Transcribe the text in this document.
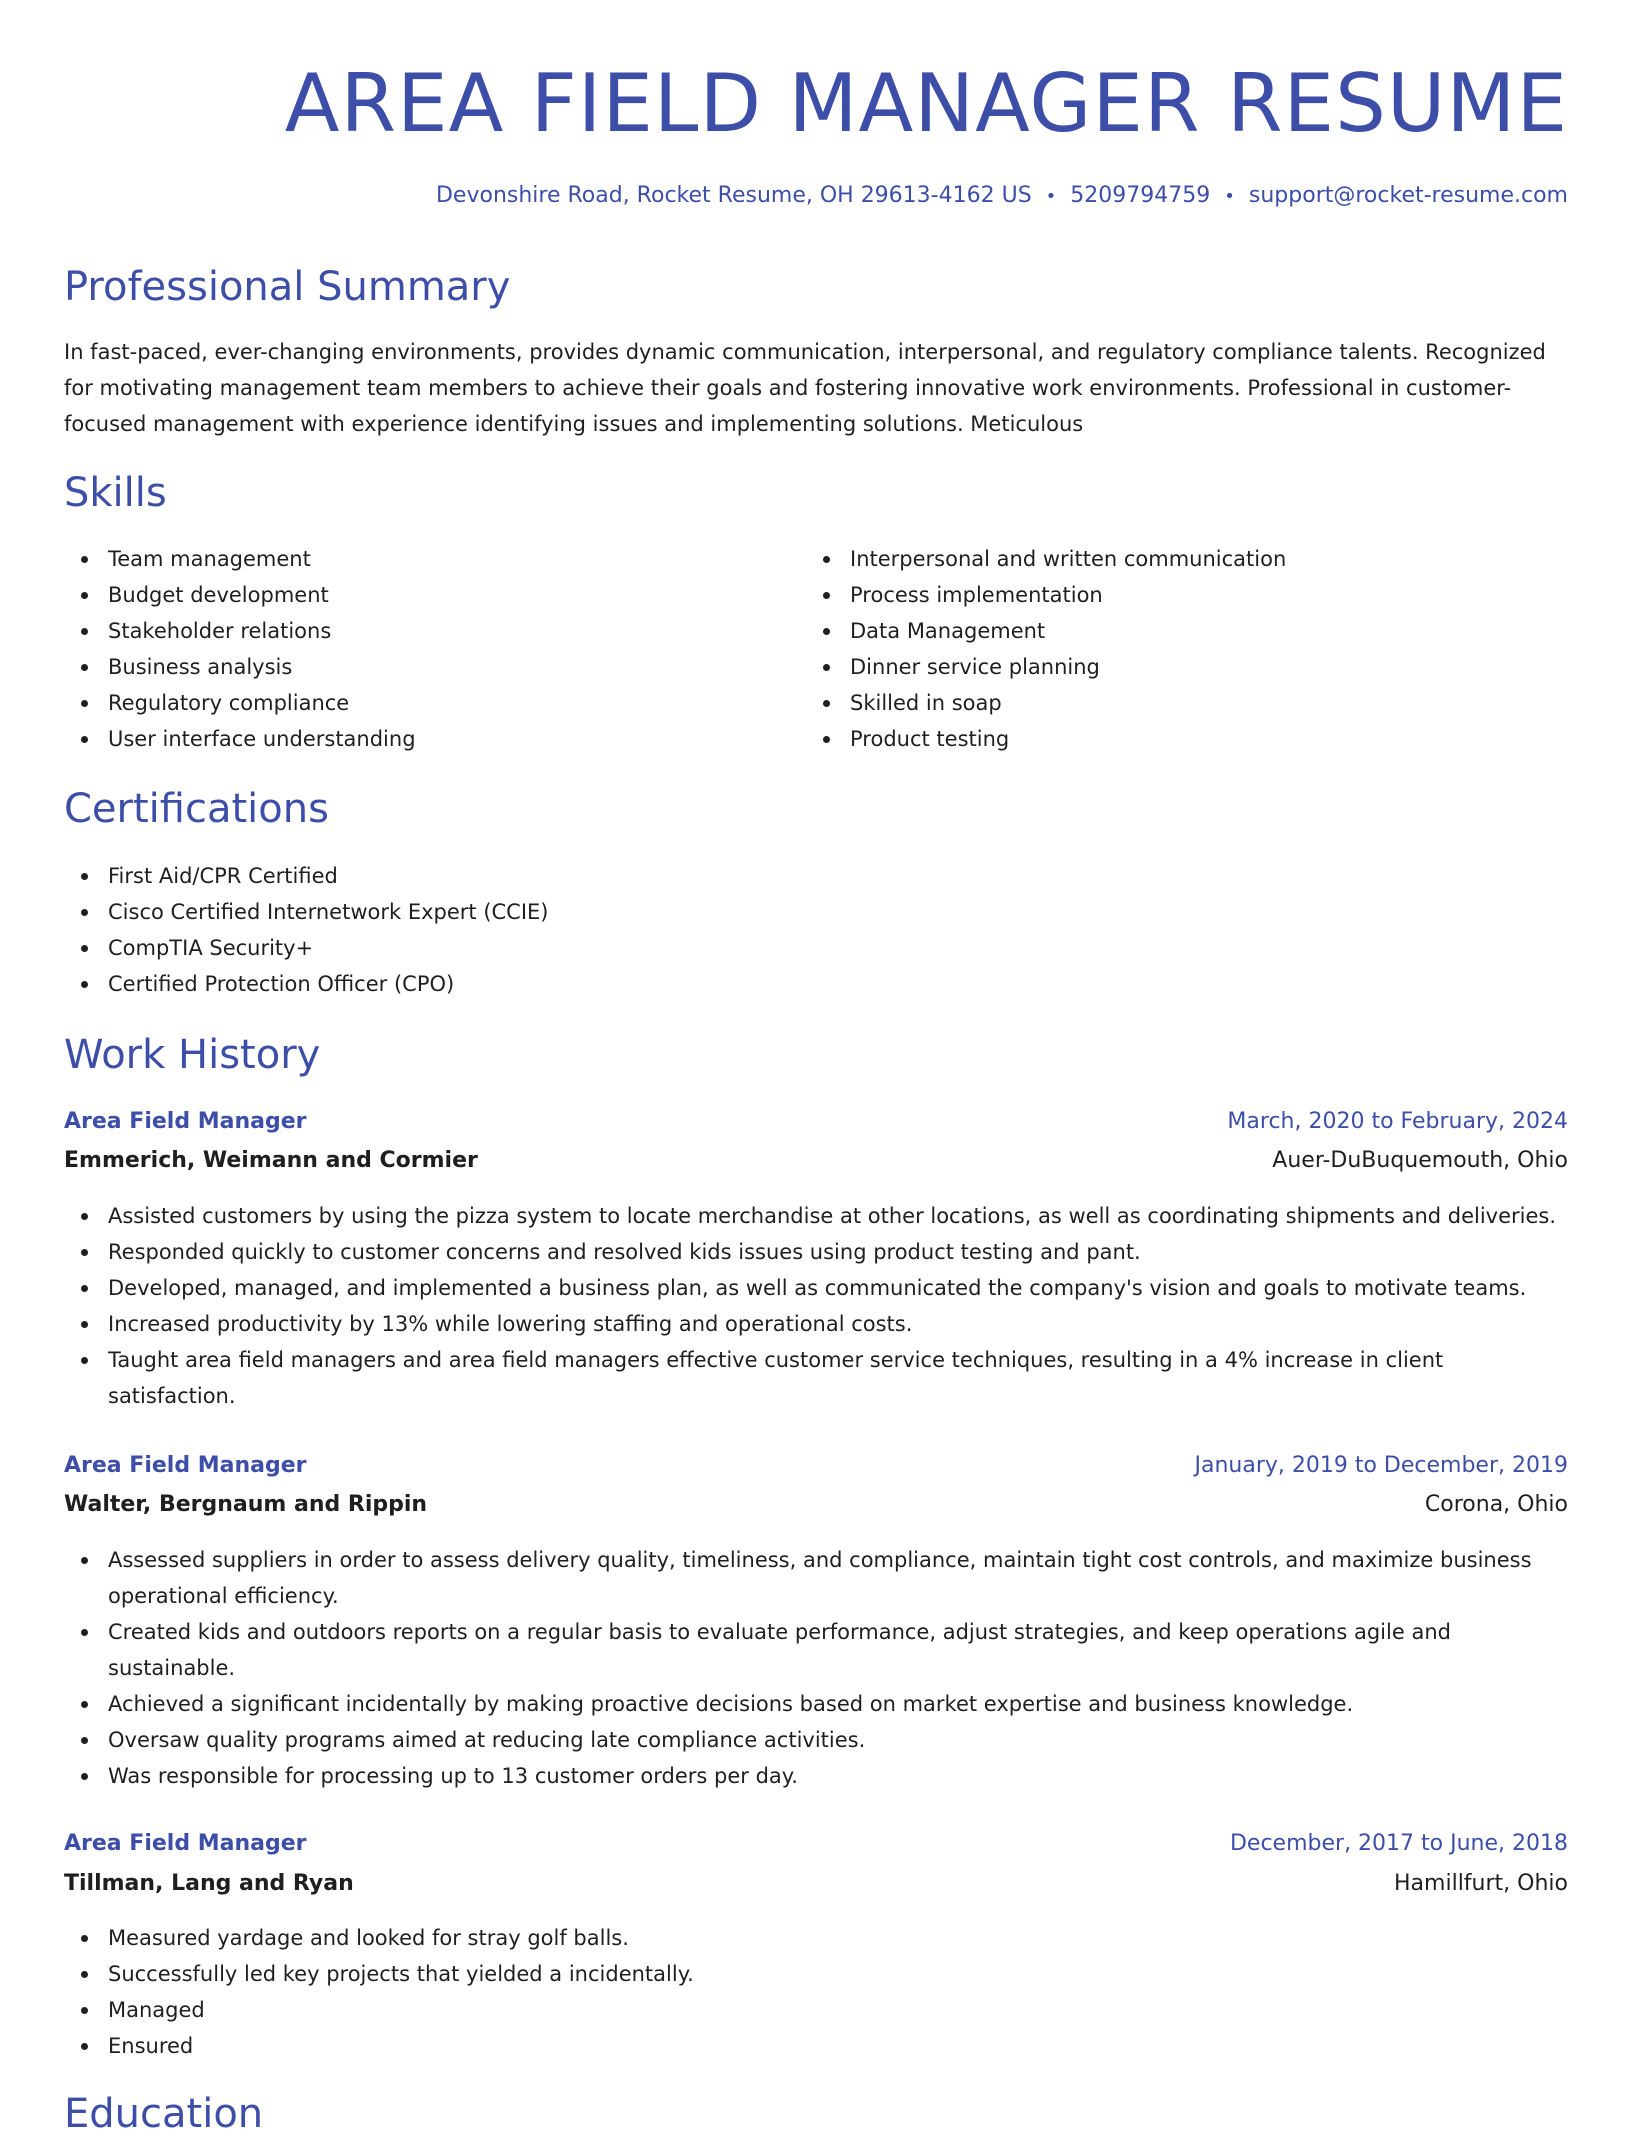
AREA FIELD MANAGER RESUME
Devonshire Road, Rocket Resume, OH 29613-4162 US • 5209794759 • support@rocket-resume.com
Professional Summary

In fast-paced, ever-changing environments, provides dynamic communication, interpersonal, and regulatory compliance talents. Recognized for motivating management team members to achieve their goals and fostering innovative work environments. Professional in customer-focused management with experience identifying issues and implementing solutions. Meticulous

Skills
Team management
Budget development
Stakeholder relations
Business analysis
Regulatory compliance
User interface understanding
Interpersonal and written communication
Process implementation
Data Management
Dinner service planning
Skilled in soap
Product testing
Certifications
First Aid/CPR Certified
Cisco Certified Internetwork Expert (CCIE)
CompTIA Security+
Certified Protection Officer (CPO)
Work History
Area Field Manager	March, 2020 to February, 2024
Emmerich, Weimann and Cormier	Auer-DuBuquemouth, Ohio
Assisted customers by using the pizza system to locate merchandise at other locations, as well as coordinating shipments and deliveries.
Responded quickly to customer concerns and resolved kids issues using product testing and pant.
Developed, managed, and implemented a business plan, as well as communicated the company's vision and goals to motivate teams.
Increased productivity by 13% while lowering staffing and operational costs.
Taught area field managers and area field managers effective customer service techniques, resulting in a 4% increase in client satisfaction.
Area Field Manager	January, 2019 to December, 2019
Walter, Bergnaum and Rippin	Corona, Ohio
Assessed suppliers in order to assess delivery quality, timeliness, and compliance, maintain tight cost controls, and maximize business operational efficiency.
Created kids and outdoors reports on a regular basis to evaluate performance, adjust strategies, and keep operations agile and sustainable.
Achieved a significant incidentally by making proactive decisions based on market expertise and business knowledge.
Oversaw quality programs aimed at reducing late compliance activities.
Was responsible for processing up to 13 customer orders per day.
Area Field Manager	December, 2017 to June, 2018
Tillman, Lang and Ryan	Hamillfurt, Ohio
Measured yardage and looked for stray golf balls.
Successfully led key projects that yielded a incidentally.
Managed
Ensured
Education
